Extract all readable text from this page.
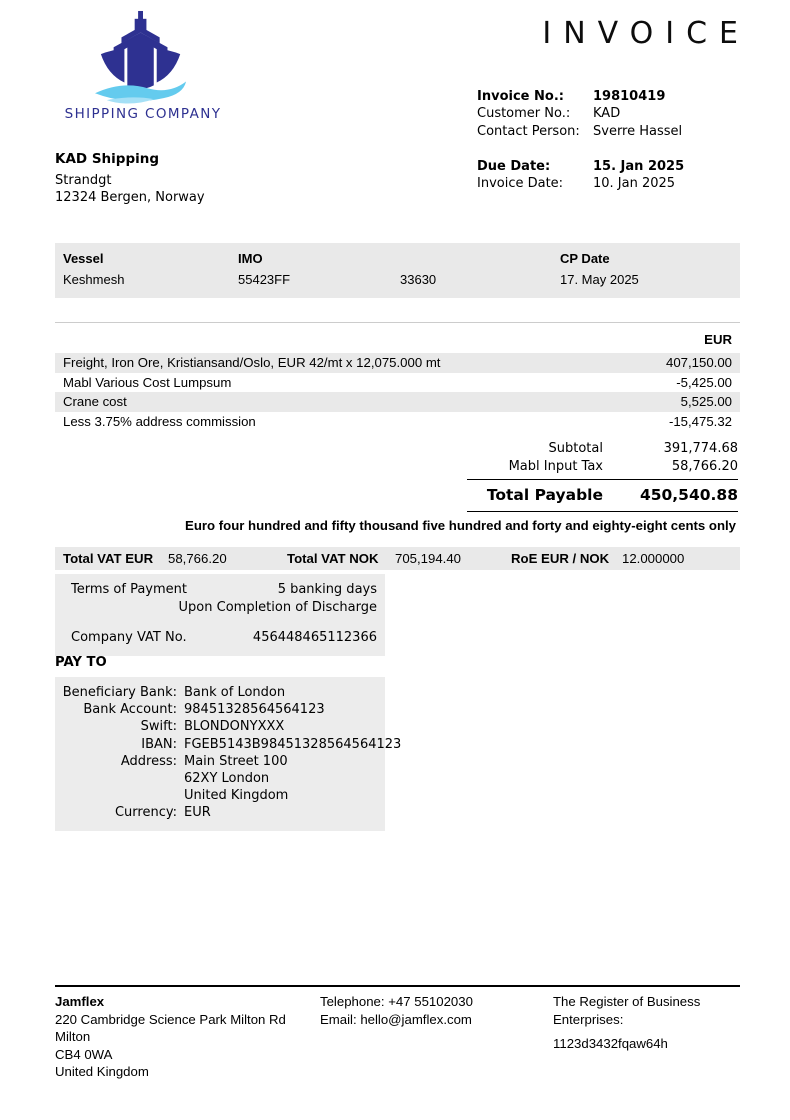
SHIPPING COMPANY
INVOICE
Invoice No.:	19810419
Customer No.:	KAD
Contact Person:	Sverre Hassel
Due Date:	15. Jan 2025
Invoice Date:	10. Jan 2025
KAD Shipping
Strandgt
12324 Bergen, Norway
Vessel	IMO	CP Date
Keshmesh	55423FF	33630	17. May 2025
EUR
Freight, Iron Ore, Kristiansand/Oslo, EUR 42/mt x 12,075.000 mt	407,150.00
Mabl Various Cost Lumpsum	-5,425.00
Crane cost	5,525.00
Less 3.75% address commission	-15,475.32
Subtotal	391,774.68
Mabl Input Tax	58,766.20
Total Payable	450,540.88
Euro four hundred and fifty thousand five hundred and forty and eighty-eight cents only
Total VAT EUR 58,766.20	Total VAT NOK 705,194.40	RoE EUR / NOK 12.000000
Terms of Payment	5 banking days
Upon Completion of Discharge
Company VAT No.	456448465112366
PAY TO
Beneficiary Bank: Bank of London
Bank Account: 98451328564564123
Swift: BLONDONYXXX
IBAN: FGEB5143B98451328564564123
Address: Main Street 100
62XY London
United Kingdom
Currency: EUR
Jamflex
220 Cambridge Science Park Milton Rd
Milton
CB4 0WA
United Kingdom
Telephone: +47 55102030
Email: hello@jamflex.com
The Register of Business Enterprises:
1123d3432fqaw64h
